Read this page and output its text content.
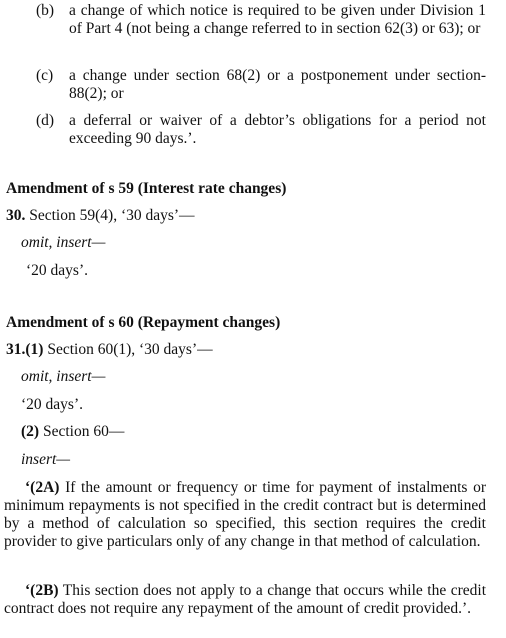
(b) a change of which notice is required to be given under Division 1 of Part 4 (not being a change referred to in section 62(3) or 63); or
(c) a change under section 68(2) or a postponement under section-88(2); or
(d) a deferral or waiver of a debtor’s obligations for a period not exceeding 90 days.’.
Amendment of s 59 (Interest rate changes)
30. Section 59(4), ‘30 days’—
omit, insert—
‘20 days’.
Amendment of s 60 (Repayment changes)
31.(1) Section 60(1), ‘30 days’—
omit, insert—
‘20 days’.
(2) Section 60—
insert—
‘(2A) If the amount or frequency or time for payment of instalments or minimum repayments is not specified in the credit contract but is determined by a method of calculation so specified, this section requires the credit provider to give particulars only of any change in that method of calculation.
‘(2B) This section does not apply to a change that occurs while the credit contract does not require any repayment of the amount of credit provided.’.
